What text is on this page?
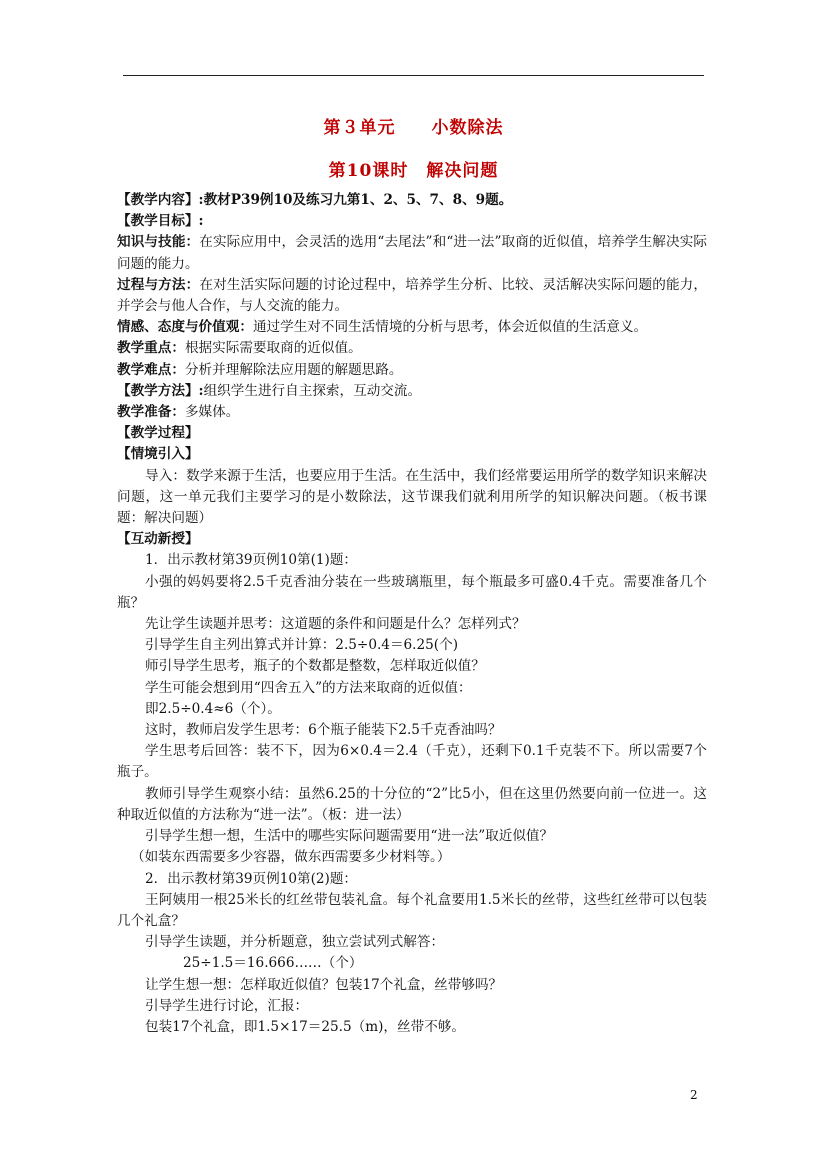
第３单元　　小数除法
第10课时　解决问题

【教学内容】:教材P39例10及练习九第1、2、5、7、8、9题。

【教学目标】:

知识与技能：在实际应用中，会灵活的选用“去尾法”和“进一法”取商的近似值，培养学生解决实际问题的能力。

过程与方法：在对生活实际问题的讨论过程中，培养学生分析、比较、灵活解决实际问题的能力，并学会与他人合作，与人交流的能力。

情感、态度与价值观：通过学生对不同生活情境的分析与思考，体会近似值的生活意义。

教学重点：根据实际需要取商的近似值。

教学难点：分析并理解除法应用题的解题思路。

【教学方法】:组织学生进行自主探索，互动交流。

教学准备：多媒体。

【教学过程】

【情境引入】

导入：数学来源于生活，也要应用于生活。在生活中，我们经常要运用所学的数学知识来解决问题，这一单元我们主要学习的是小数除法，这节课我们就利用所学的知识解决问题。（板书课题：解决问题）

【互动新授】

1．出示教材第39页例10第(1)题：

小强的妈妈要将2.5千克香油分装在一些玻璃瓶里，每个瓶最多可盛0.4千克。需要准备几个瓶？

先让学生读题并思考：这道题的条件和问题是什么？怎样列式？

引导学生自主列出算式并计算：2.5÷0.4＝6.25(个)

师引导学生思考，瓶子的个数都是整数，怎样取近似值？

学生可能会想到用“四舍五入”的方法来取商的近似值：

即2.5÷0.4≈6（个）。

这时，教师启发学生思考：6个瓶子能装下2.5千克香油吗？

学生思考后回答：装不下，因为6×0.4＝2.4（千克），还剩下0.1千克装不下。所以需要7个瓶子。

教师引导学生观察小结：虽然6.25的十分位的“2”比5小，但在这里仍然要向前一位进一。这种取近似值的方法称为“进一法”。（板：进一法）

引导学生想一想，生活中的哪些实际问题需要用“进一法”取近似值？

（如装东西需要多少容器，做东西需要多少材料等。）

2．出示教材第39页例10第(2)题：

王阿姨用一根25米长的红丝带包装礼盒。每个礼盒要用1.5米长的丝带，这些红丝带可以包装几个礼盒？

引导学生读题，并分析题意，独立尝试列式解答：

25÷1.5＝16.666……（个）

让学生想一想：怎样取近似值？包装17个礼盒，丝带够吗？

引导学生进行讨论，汇报：

包装17个礼盒，即1.5×17＝25.5（m)，丝带不够。

2
